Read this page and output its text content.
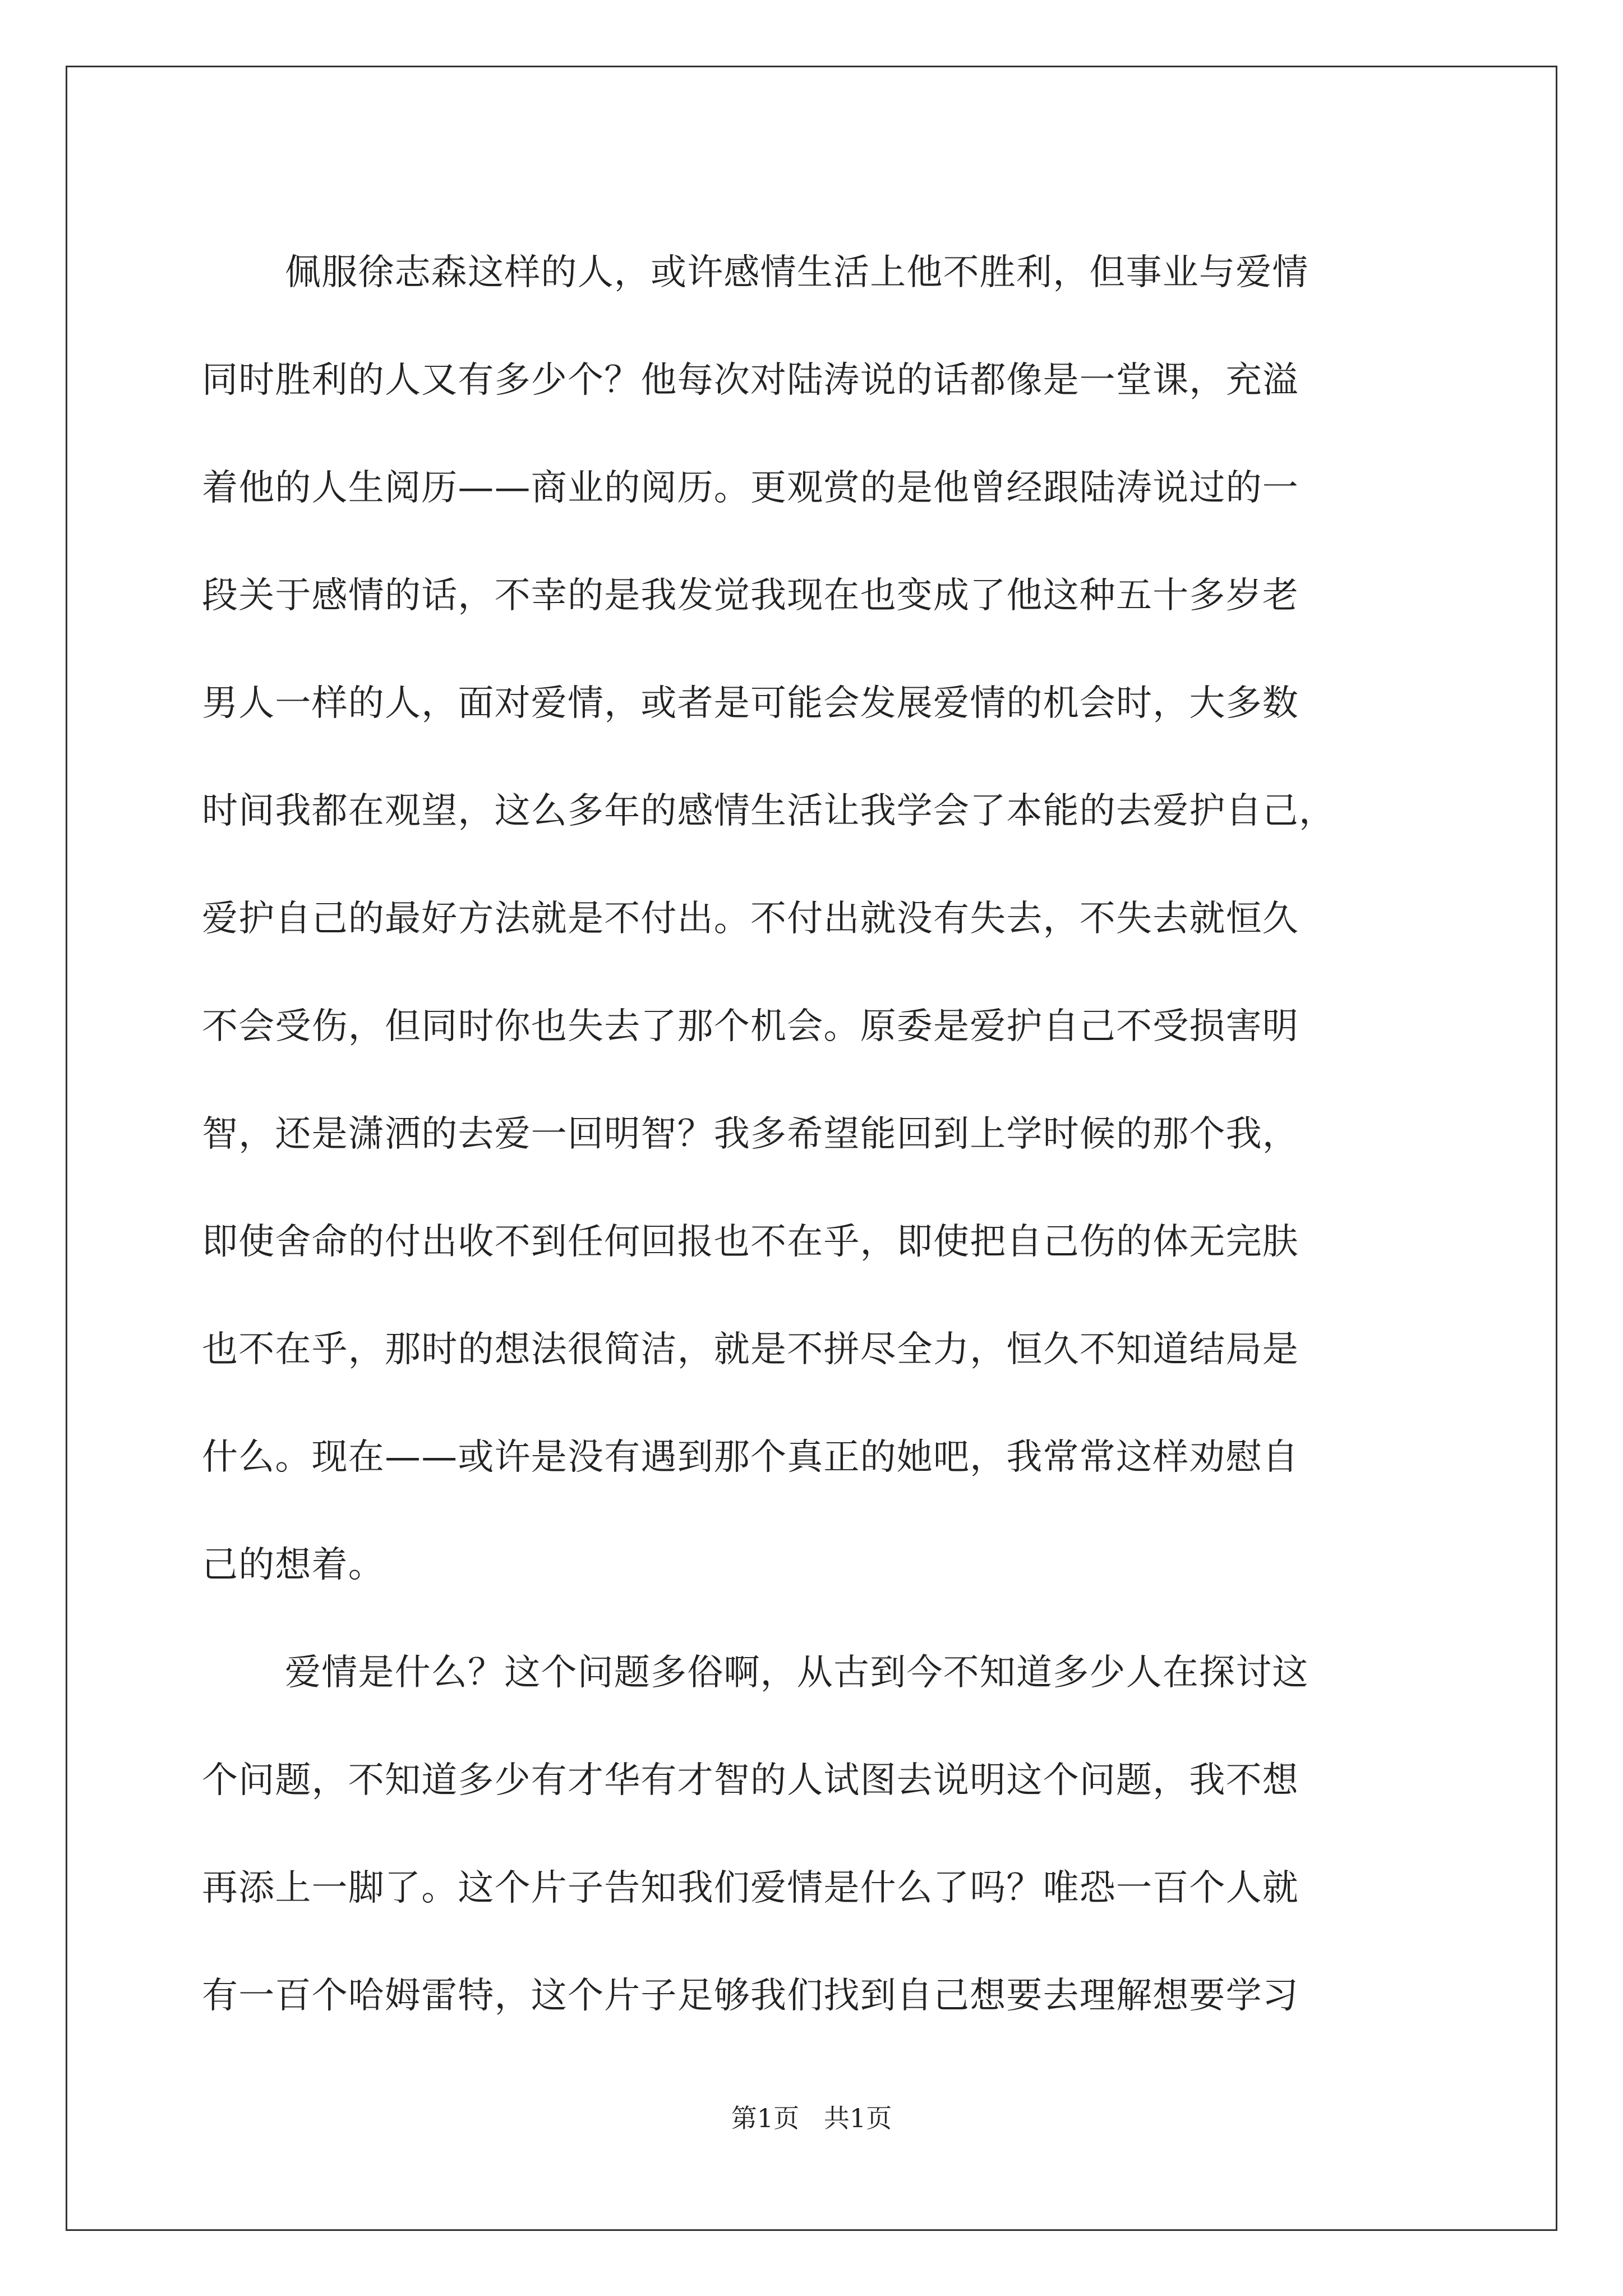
佩服徐志森这样的人，或许感情生活上他不胜利，但事业与爱情
同时胜利的人又有多少个？他每次对陆涛说的话都像是一堂课，充溢
着他的人生阅历——商业的阅历。更观赏的是他曾经跟陆涛说过的一
段关于感情的话，不幸的是我发觉我现在也变成了他这种五十多岁老
男人一样的人，面对爱情，或者是可能会发展爱情的机会时，大多数
时间我都在观望，这么多年的感情生活让我学会了本能的去爱护自己，
爱护自己的最好方法就是不付出。不付出就没有失去，不失去就恒久
不会受伤，但同时你也失去了那个机会。原委是爱护自己不受损害明
智，还是潇洒的去爱一回明智？我多希望能回到上学时候的那个我，
即使舍命的付出收不到任何回报也不在乎，即使把自己伤的体无完肤
也不在乎，那时的想法很简洁，就是不拼尽全力，恒久不知道结局是
什么。现在——或许是没有遇到那个真正的她吧，我常常这样劝慰自
己的想着。
爱情是什么？这个问题多俗啊，从古到今不知道多少人在探讨这
个问题，不知道多少有才华有才智的人试图去说明这个问题，我不想
再添上一脚了。这个片子告知我们爱情是什么了吗？唯恐一百个人就
有一百个哈姆雷特，这个片子足够我们找到自己想要去理解想要学习
第1页   共1页
